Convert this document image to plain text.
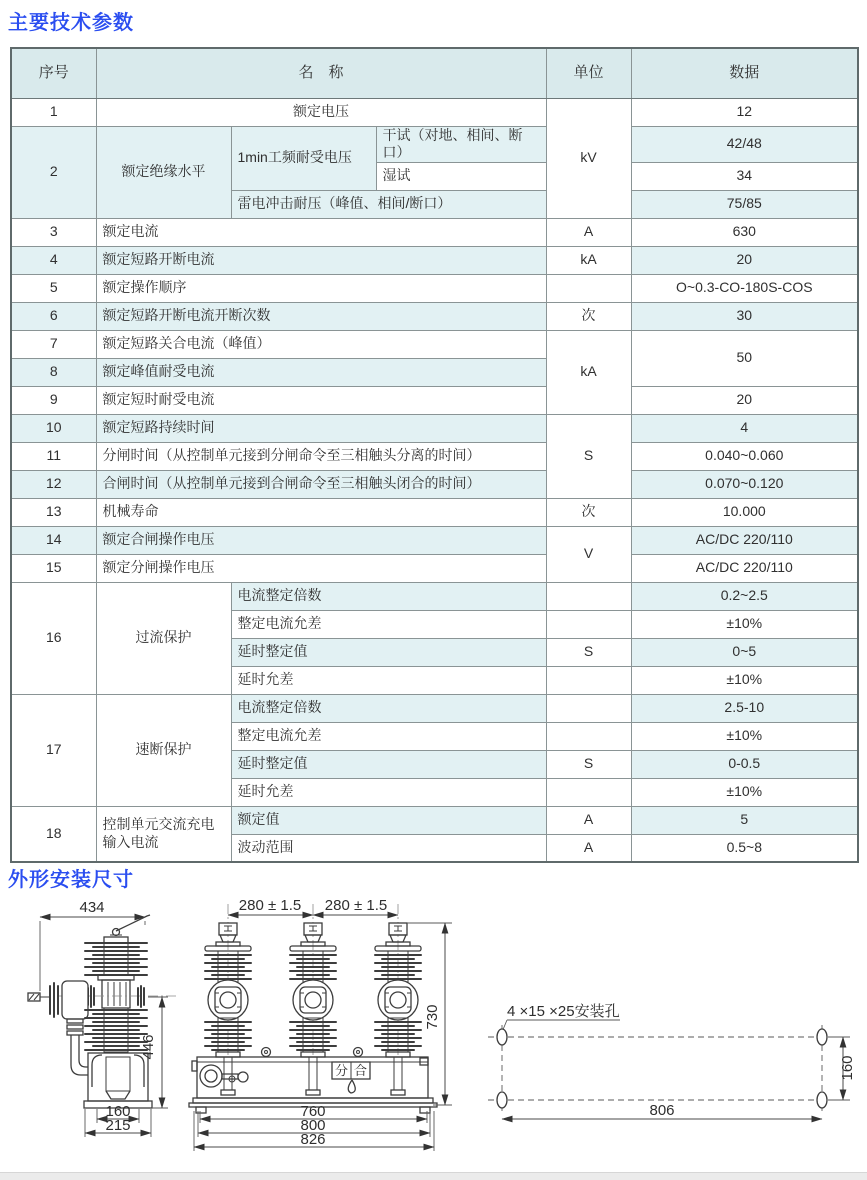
主要技术参数
序号	名　称			单位	数据
1	额定电压			kV	12
2	额定绝缘水平	1min工频耐受电压	干试（对地、相间、断口）		42/48
			湿试		34
		雷电冲击耐压（峰值、相间/断口）			75/85
3	额定电流			A	630
4	额定短路开断电流			kA	20
5	额定操作顺序				O~0.3-CO-180S-COS
6	额定短路开断电流开断次数			次	30
7	额定短路关合电流（峰值）			kA	50
8	额定峰值耐受电流				
9	额定短时耐受电流				20
10	额定短路持续时间			S	4
11	分闸时间（从控制单元接到分闸命令至三相触头分离的时间）				0.040~0.060
12	合闸时间（从控制单元接到合闸命令至三相触头闭合的时间）				0.070~0.120
13	机械寿命			次	10.000
14	额定合闸操作电压			V	AC/DC 220/110
15	额定分闸操作电压				AC/DC 220/110
16	过流保护	电流整定倍数			0.2~2.5
		整定电流允差			±10%
		延时整定值		S	0~5
		延时允差			±10%
17	速断保护	电流整定倍数			2.5-10
		整定电流允差			±10%
		延时整定值		S	0-0.5
		延时允差			±10%
18	控制单元交流充电输入电流	额定值		A	5
		波动范围		A	0.5~8
外形安装尺寸
434
446
160
215
280 ± 1.5 280 ± 1.5
分 合
760
800
826
730	4 ×15 ×25安装孔
160
806
